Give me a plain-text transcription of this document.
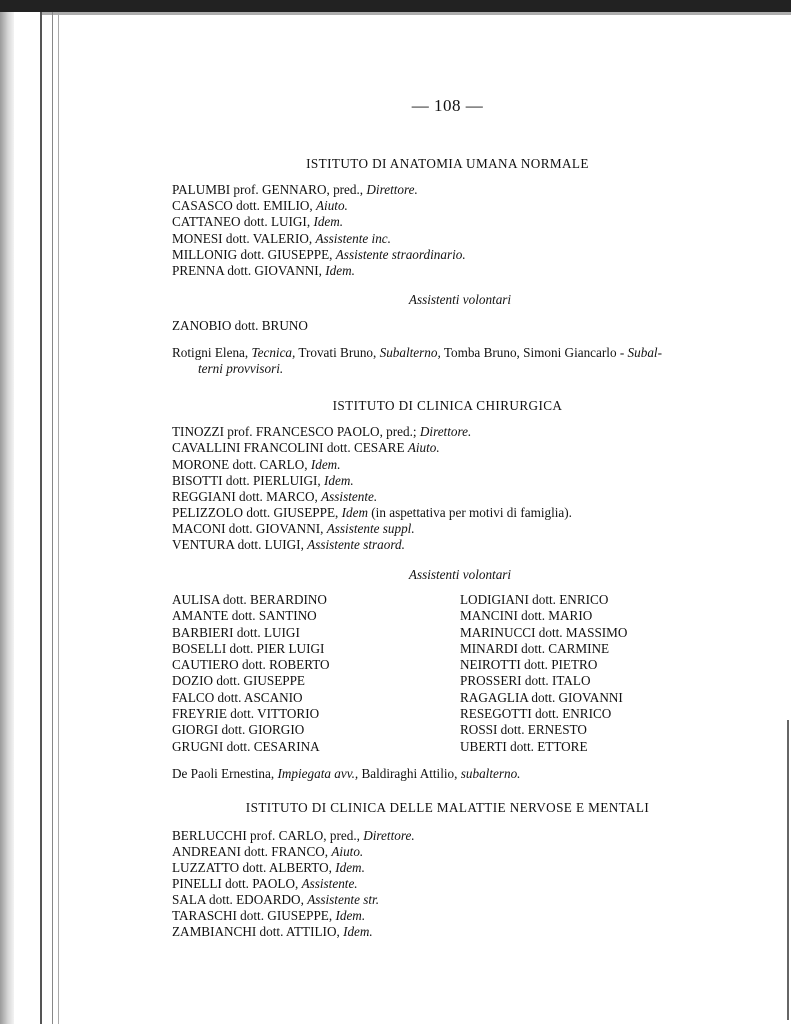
— 108 —
ISTITUTO DI ANATOMIA UMANA NORMALE
PALUMBI prof. GENNARO, pred., Direttore.
CASASCO dott. EMILIO, Aiuto.
CATTANEO dott. LUIGI, Idem.
MONESI dott. VALERIO, Assistente inc.
MILLONIG dott. GIUSEPPE, Assistente straordinario.
PRENNA dott. GIOVANNI, Idem.
Assistenti volontari
ZANOBIO dott. BRUNO
Rotigni Elena, Tecnica, Trovati Bruno, Subalterno, Tomba Bruno, Simoni Giancarlo - Subal-
terni provvisori.
ISTITUTO DI CLINICA CHIRURGICA
TINOZZI prof. FRANCESCO PAOLO, pred.; Direttore.
CAVALLINI FRANCOLINI dott. CESARE Aiuto.
MORONE dott. CARLO, Idem.
BISOTTI dott. PIERLUIGI, Idem.
REGGIANI dott. MARCO, Assistente.
PELIZZOLO dott. GIUSEPPE, Idem (in aspettativa per motivi di famiglia).
MACONI dott. GIOVANNI, Assistente suppl.
VENTURA dott. LUIGI, Assistente straord.
Assistenti volontari
AULISA dott. BERARDINO
AMANTE dott. SANTINO
BARBIERI dott. LUIGI
BOSELLI dott. PIER LUIGI
CAUTIERO dott. ROBERTO
DOZIO dott. GIUSEPPE
FALCO dott. ASCANIO
FREYRIE dott. VITTORIO
GIORGI dott. GIORGIO
GRUGNI dott. CESARINA
LODIGIANI dott. ENRICO
MANCINI dott. MARIO
MARINUCCI dott. MASSIMO
MINARDI dott. CARMINE
NEIROTTI dott. PIETRO
PROSSERI dott. ITALO
RAGAGLIA dott. GIOVANNI
RESEGOTTI dott. ENRICO
ROSSI dott. ERNESTO
UBERTI dott. ETTORE
De Paoli Ernestina, Impiegata avv., Baldiraghi Attilio, subalterno.
ISTITUTO DI CLINICA DELLE MALATTIE NERVOSE E MENTALI
BERLUCCHI prof. CARLO, pred., Direttore.
ANDREANI dott. FRANCO, Aiuto.
LUZZATTO dott. ALBERTO, Idem.
PINELLI dott. PAOLO, Assistente.
SALA dott. EDOARDO, Assistente str.
TARASCHI dott. GIUSEPPE, Idem.
ZAMBIANCHI dott. ATTILIO, Idem.
